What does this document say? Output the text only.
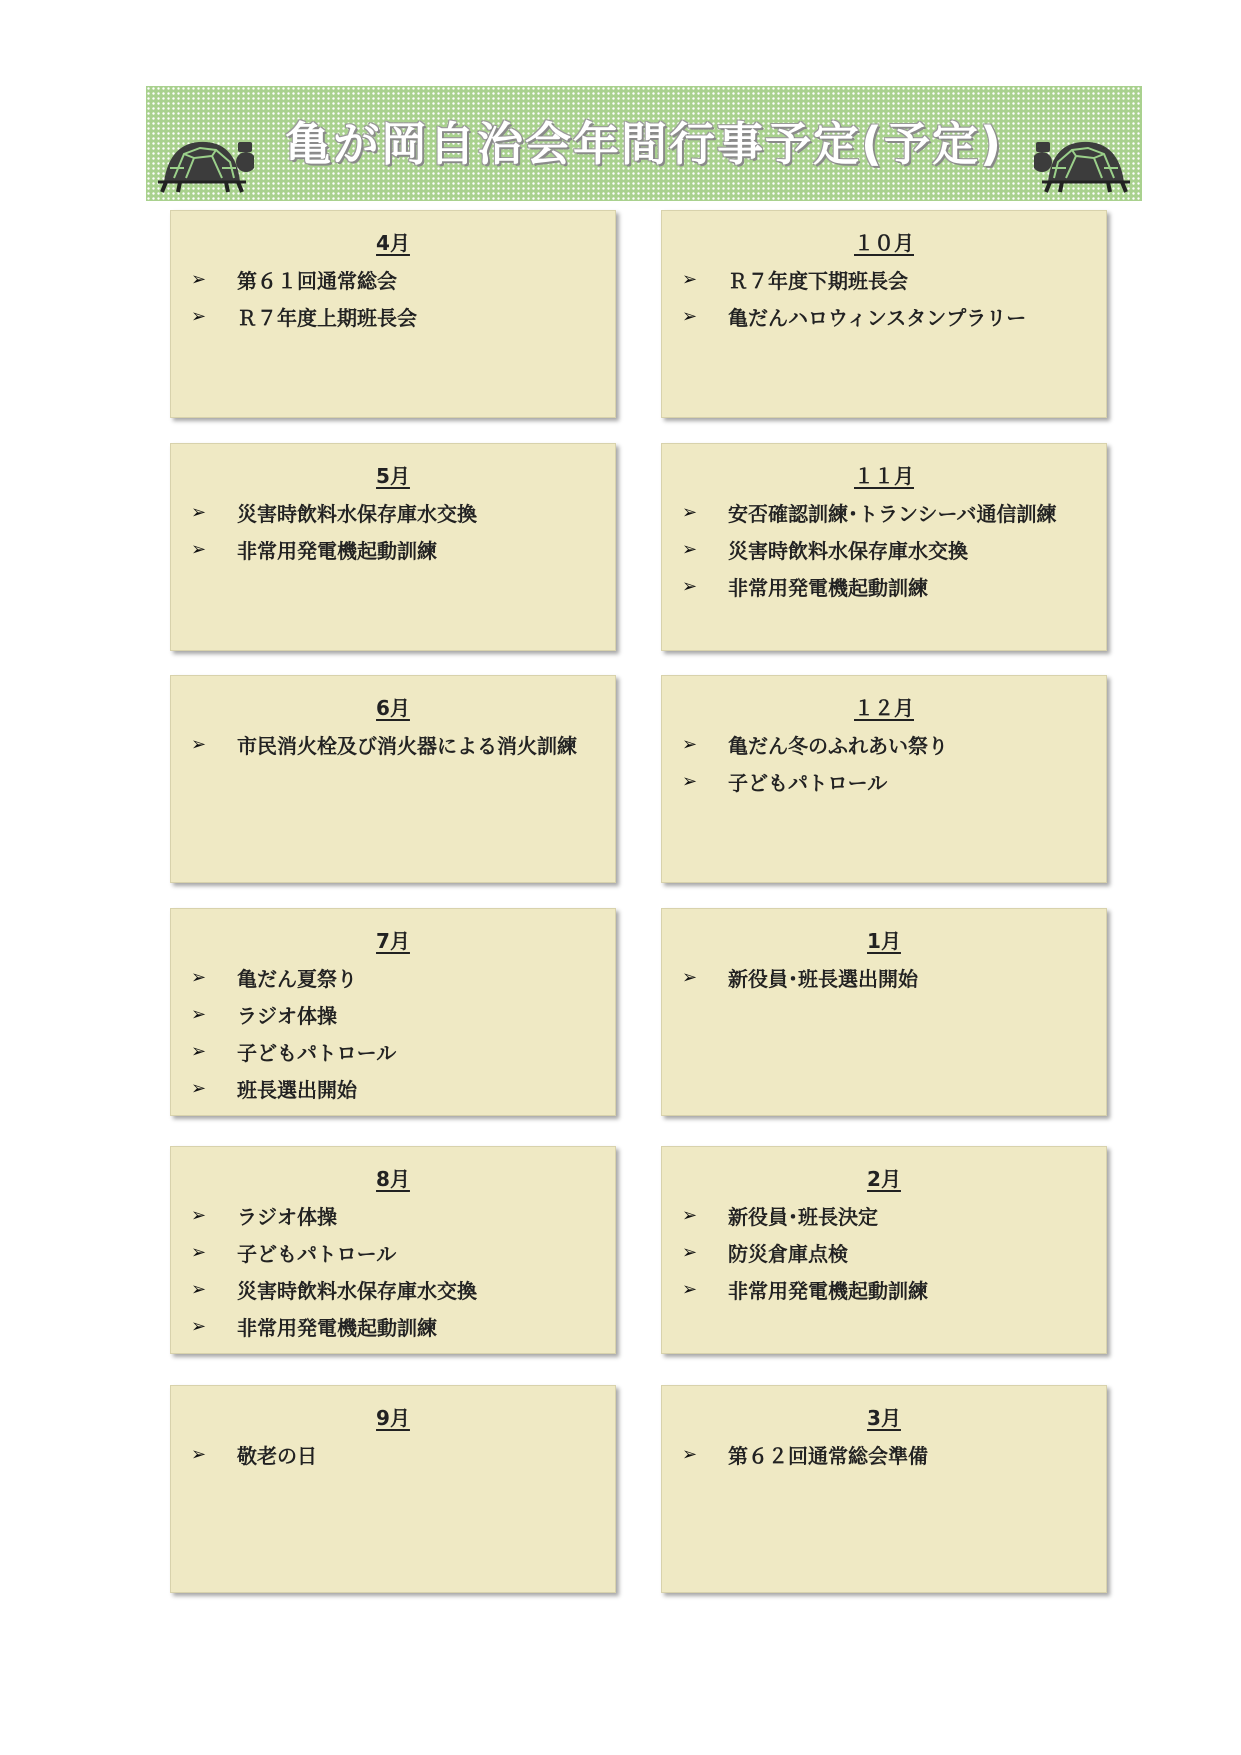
亀が岡自治会年間行事予定(予定)
4月
➢	第６１回通常総会
➢	Ｒ７年度上期班長会
１０月
➢	Ｒ７年度下期班長会
➢	亀だんハロウィンスタンプラリー
5月
➢	災害時飲料水保存庫水交換
➢	非常用発電機起動訓練
１１月
➢	安否確認訓練･トランシーバ通信訓練
➢	災害時飲料水保存庫水交換
➢	非常用発電機起動訓練
6月
➢	市民消火栓及び消火器による消火訓練
１２月
➢	亀だん冬のふれあい祭り
➢	子どもパトロール
7月
➢	亀だん夏祭り
➢	ラジオ体操
➢	子どもパトロール
➢	班長選出開始
1月
➢	新役員･班長選出開始
8月
➢	ラジオ体操
➢	子どもパトロール
➢	災害時飲料水保存庫水交換
➢	非常用発電機起動訓練
2月
➢	新役員･班長決定
➢	防災倉庫点検
➢	非常用発電機起動訓練
9月
➢	敬老の日
3月
➢	第６２回通常総会準備
